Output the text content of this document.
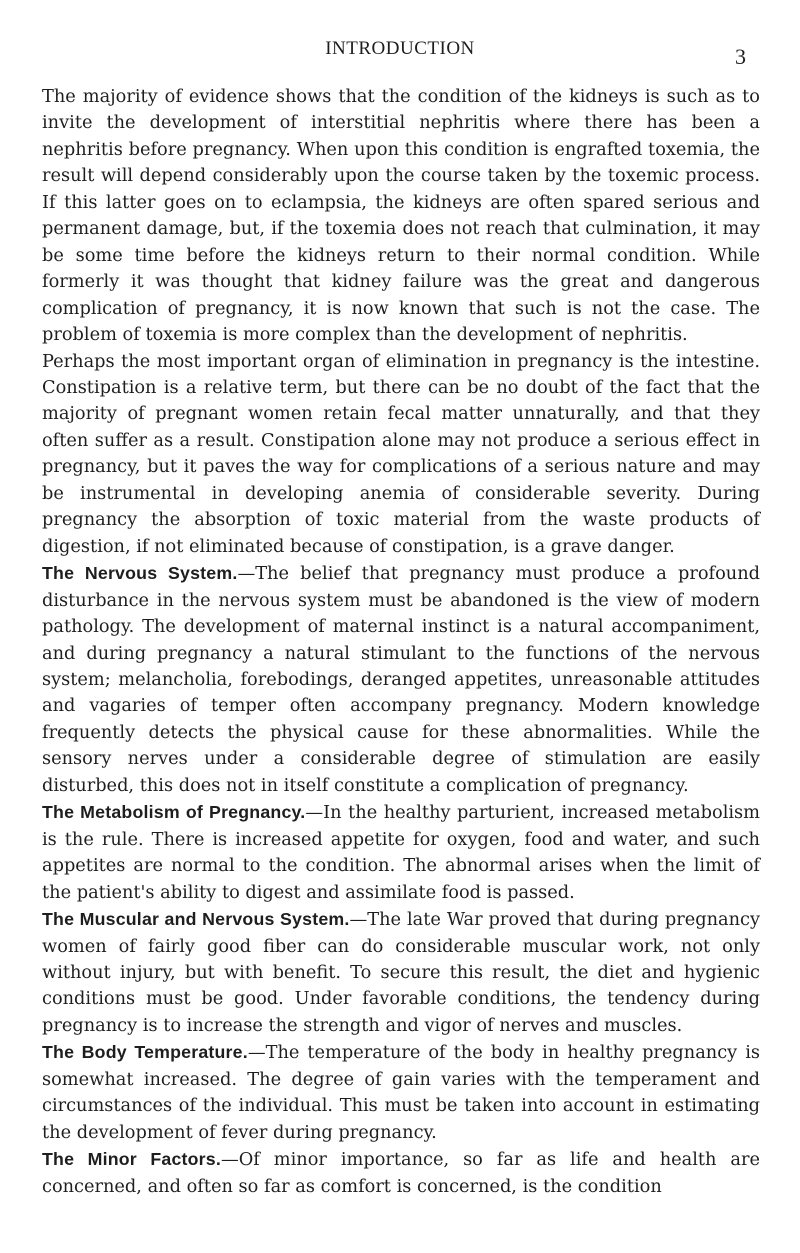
INTRODUCTION	3

The majority of evidence shows that the condition of the kidneys is such as to invite the development of interstitial nephritis where there has been a nephritis before pregnancy. When upon this condition is engrafted toxemia, the result will depend considerably upon the course taken by the toxemic process. If this latter goes on to eclampsia, the kidneys are often spared serious and permanent damage, but, if the toxemia does not reach that culmination, it may be some time before the kidneys return to their normal condition. While formerly it was thought that kidney failure was the great and dangerous complication of pregnancy, it is now known that such is not the case. The problem of toxemia is more complex than the development of nephritis.

Perhaps the most important organ of elimination in pregnancy is the intestine. Constipation is a relative term, but there can be no doubt of the fact that the majority of pregnant women retain fecal matter unnaturally, and that they often suffer as a result. Constipation alone may not produce a serious effect in pregnancy, but it paves the way for complications of a serious nature and may be instrumental in developing anemia of considerable severity. During pregnancy the absorption of toxic material from the waste products of digestion, if not eliminated because of constipation, is a grave danger.

The Nervous System.—The belief that pregnancy must produce a profound disturbance in the nervous system must be abandoned is the view of modern pathology. The development of maternal instinct is a natural accompaniment, and during pregnancy a natural stimulant to the functions of the nervous system; melancholia, forebodings, deranged appetites, unreasonable attitudes and vagaries of temper often accompany pregnancy. Modern knowledge frequently detects the physical cause for these abnormalities. While the sensory nerves under a considerable degree of stimulation are easily disturbed, this does not in itself constitute a complication of pregnancy.

The Metabolism of Pregnancy.—In the healthy parturient, increased metabolism is the rule. There is increased appetite for oxygen, food and water, and such appetites are normal to the condition. The abnormal arises when the limit of the patient's ability to digest and assimilate food is passed.

The Muscular and Nervous System.—The late War proved that during pregnancy women of fairly good fiber can do considerable muscular work, not only without injury, but with benefit. To secure this result, the diet and hygienic conditions must be good. Under favorable conditions, the tendency during pregnancy is to increase the strength and vigor of nerves and muscles.

The Body Temperature.—The temperature of the body in healthy pregnancy is somewhat increased. The degree of gain varies with the temperament and circumstances of the individual. This must be taken into account in estimating the development of fever during pregnancy.

The Minor Factors.—Of minor importance, so far as life and health are concerned, and often so far as comfort is concerned, is the condition
